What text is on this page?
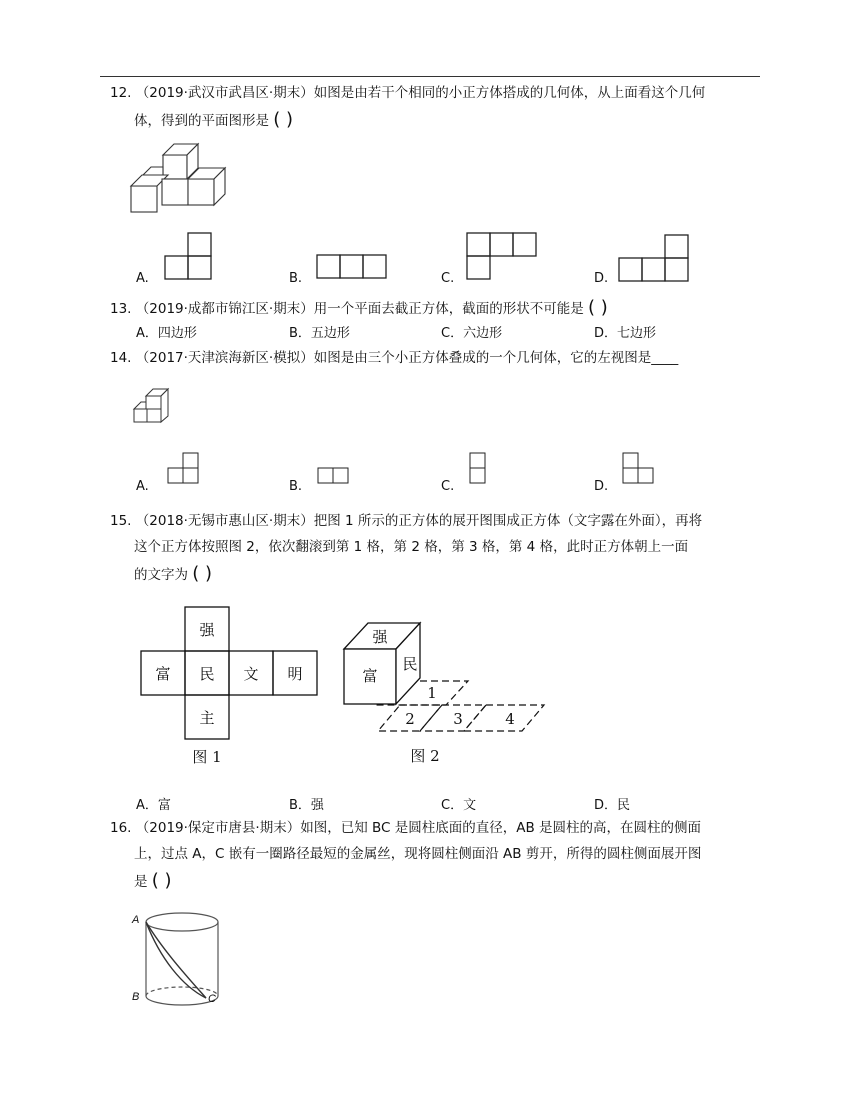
12. （2019·武汉市武昌区·期末）如图是由若干个相同的小正方体搭成的几何体，从上面看这个几何
体，得到的平面图形是 ( )
A.	B.	C.	D.
13. （2019·成都市锦江区·期末）用一个平面去截正方体，截面的形状不可能是 ( )
A．四边形	B．五边形	C．六边形	D．七边形
14. （2017·天津滨海新区·模拟）如图是由三个小正方体叠成的一个几何体，它的左视图是____
A.	B.	C.	D.
15. （2018·无锡市惠山区·期末）把图 1 所示的正方体的展开图围成正方体（文字露在外面），再将
这个正方体按照图 2，依次翻滚到第 1 格，第 2 格，第 3 格，第 4 格，此时正方体朝上一面
的文字为 ( )
强
富 民 文 明
主
图 1
强
富
民
1
2	3	4
图 2
A．富	B．强	C．文	D．民
16. （2019·保定市唐县·期末）如图，已知 BC 是圆柱底面的直径，AB 是圆柱的高，在圆柱的侧面
上，过点 A，C 嵌有一圈路径最短的金属丝，现将圆柱侧面沿 AB 剪开，所得的圆柱侧面展开图
是 ( )
A
B	C
